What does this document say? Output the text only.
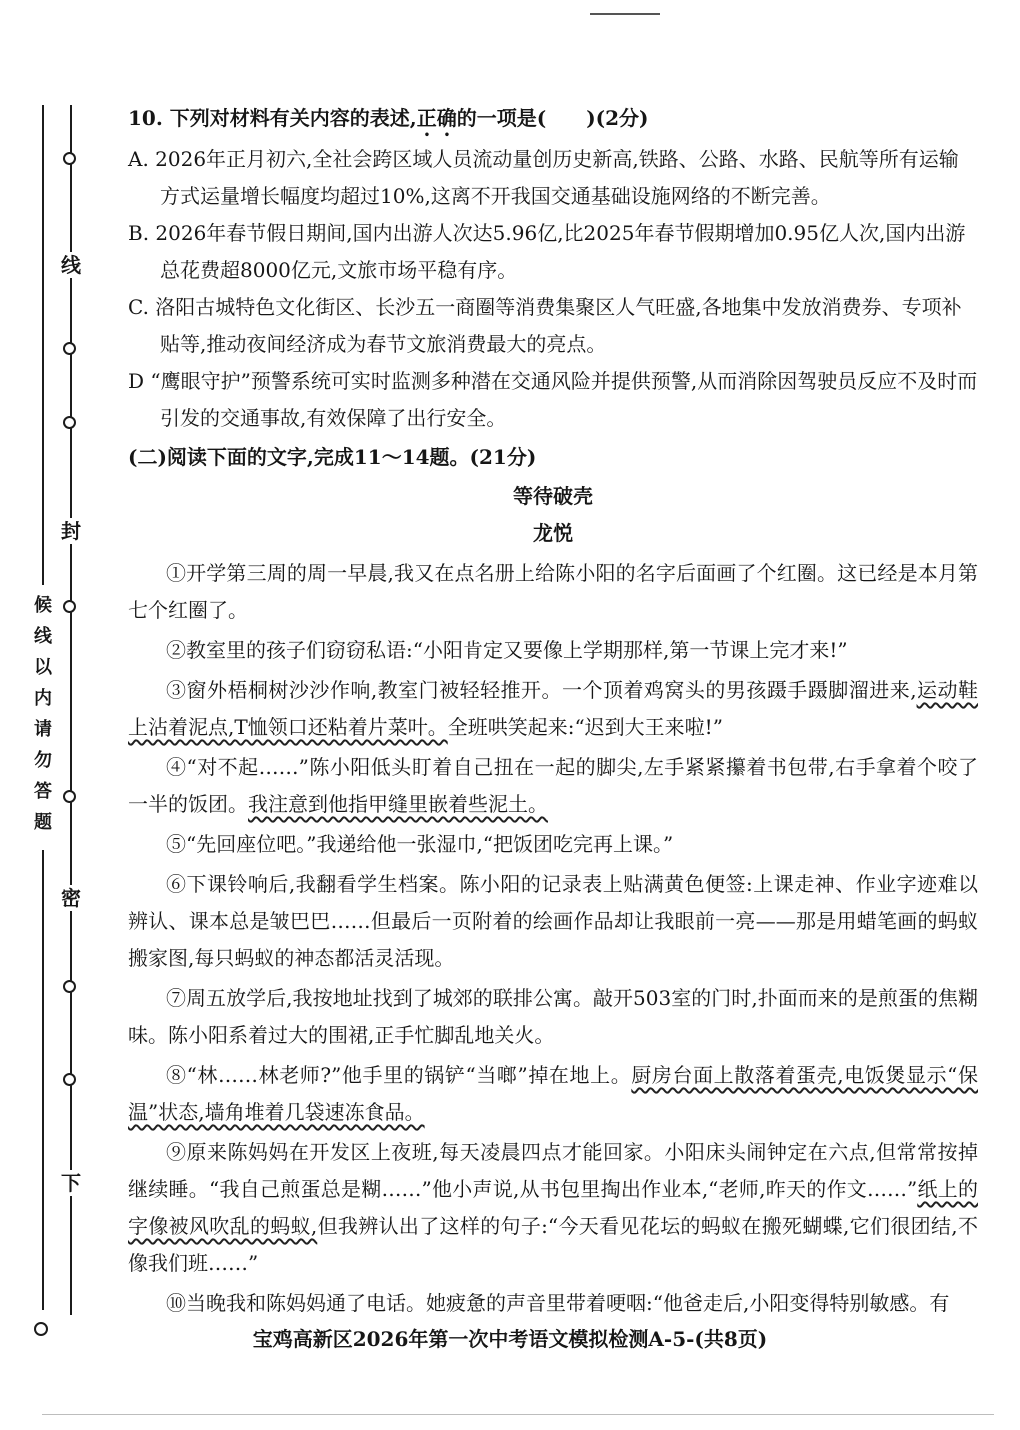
线
封
密
下
候线以内请勿答题
10. 下列对材料有关内容的表述,正确的一项是(　　)(2分)
A. 2026年正月初六,全社会跨区域人员流动量创历史新高,铁路、公路、水路、民航等所有运输方式运量增长幅度均超过10%,这离不开我国交通基础设施网络的不断完善。
B. 2026年春节假日期间,国内出游人次达5.96亿,比2025年春节假期增加0.95亿人次,国内出游总花费超8000亿元,文旅市场平稳有序。
C. 洛阳古城特色文化街区、长沙五一商圈等消费集聚区人气旺盛,各地集中发放消费券、专项补贴等,推动夜间经济成为春节文旅消费最大的亮点。
D “鹰眼守护”预警系统可实时监测多种潜在交通风险并提供预警,从而消除因驾驶员反应不及时而引发的交通事故,有效保障了出行安全。
(二)阅读下面的文字,完成11～14题。(21分)
等待破壳
龙悦
①开学第三周的周一早晨,我又在点名册上给陈小阳的名字后面画了个红圈。这已经是本月第七个红圈了。
②教室里的孩子们窃窃私语:“小阳肯定又要像上学期那样,第一节课上完才来!”
③窗外梧桐树沙沙作响,教室门被轻轻推开。一个顶着鸡窝头的男孩蹑手蹑脚溜进来,运动鞋上沾着泥点,T恤领口还粘着片菜叶。全班哄笑起来:“迟到大王来啦!”
④“对不起……”陈小阳低头盯着自己扭在一起的脚尖,左手紧紧攥着书包带,右手拿着个咬了一半的饭团。我注意到他指甲缝里嵌着些泥土。
⑤“先回座位吧。”我递给他一张湿巾,“把饭团吃完再上课。”
⑥下课铃响后,我翻看学生档案。陈小阳的记录表上贴满黄色便签:上课走神、作业字迹难以辨认、课本总是皱巴巴……但最后一页附着的绘画作品却让我眼前一亮——那是用蜡笔画的蚂蚁搬家图,每只蚂蚁的神态都活灵活现。
⑦周五放学后,我按地址找到了城郊的联排公寓。敲开503室的门时,扑面而来的是煎蛋的焦糊味。陈小阳系着过大的围裙,正手忙脚乱地关火。
⑧“林……林老师?”他手里的锅铲“当啷”掉在地上。厨房台面上散落着蛋壳,电饭煲显示“保温”状态,墙角堆着几袋速冻食品。
⑨原来陈妈妈在开发区上夜班,每天凌晨四点才能回家。小阳床头闹钟定在六点,但常常按掉继续睡。“我自己煎蛋总是糊……”他小声说,从书包里掏出作业本,“老师,昨天的作文……”纸上的字像被风吹乱的蚂蚁,但我辨认出了这样的句子:“今天看见花坛的蚂蚁在搬死蝴蝶,它们很团结,不像我们班……”
⑩当晚我和陈妈妈通了电话。她疲惫的声音里带着哽咽:“他爸走后,小阳变得特别敏感。有
宝鸡高新区2026年第一次中考语文模拟检测A-5-(共8页)
